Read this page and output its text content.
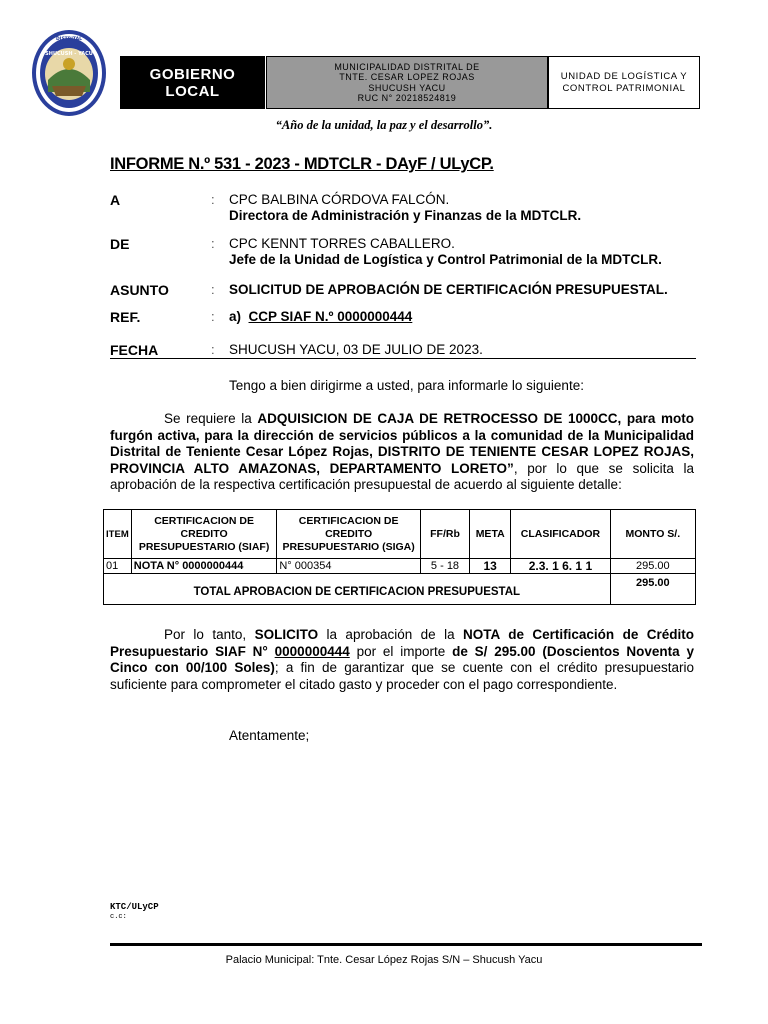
SHUCUSH - YACU
DISTRITAL
GOBIERNO
LOCAL
MUNICIPALIDAD DISTRITAL DE
TNTE. CESAR LOPEZ ROJAS
SHUCUSH YACU
RUC N° 20218524819
UNIDAD DE LOGÍSTICA Y
CONTROL PATRIMONIAL
“Año de la unidad, la paz y el desarrollo”.
INFORME N.º 531 - 2023 - MDTCLR - DAyF / ULyCP.
A	: CPC BALBINA CÓRDOVA FALCÓN.
Directora de Administración y Finanzas de la MDTCLR.
DE	: CPC KENNT TORRES CABALLERO.
Jefe de la Unidad de Logística y Control Patrimonial de la MDTCLR.
ASUNTO	: SOLICITUD DE APROBACIÓN DE CERTIFICACIÓN PRESUPUESTAL.
REF.	: a) CCP SIAF N.º 0000000444
FECHA	: SHUCUSH YACU, 03 DE JULIO DE 2023.
Tengo a bien dirigirme a usted, para informarle lo siguiente:
Se requiere la ADQUISICION DE CAJA DE RETROCESSO DE 1000CC, para moto furgón activa, para la dirección de servicios públicos a la comunidad de la Municipalidad Distrital de Teniente Cesar López Rojas, DISTRITO DE TENIENTE CESAR LOPEZ ROJAS, PROVINCIA ALTO AMAZONAS, DEPARTAMENTO LORETO”, por lo que se solicita la aprobación de la respectiva certificación presupuestal de acuerdo al siguiente detalle:
ITEM	CERTIFICACION DE CREDITO PRESUPUESTARIO (SIAF)	CERTIFICACION DE CREDITO PRESUPUESTARIO (SIGA)	FF/Rb	META	CLASIFICADOR	MONTO S/.
01	NOTA N° 0000000444	N° 000354	5 - 18	13	2.3. 1 6. 1 1	295.00
TOTAL APROBACION DE CERTIFICACION PRESUPUESTAL						295.00
Por lo tanto, SOLICITO la aprobación de la NOTA de Certificación de Crédito Presupuestario SIAF N° 0000000444 por el importe de S/ 295.00 (Doscientos Noventa y Cinco con 00/100 Soles); a fin de garantizar que se cuente con el crédito presupuestario suficiente para comprometer el citado gasto y proceder con el pago correspondiente.
Atentamente;
KTC/ULyCP
c.c:
Palacio Municipal: Tnte. Cesar López Rojas S/N – Shucush Yacu
